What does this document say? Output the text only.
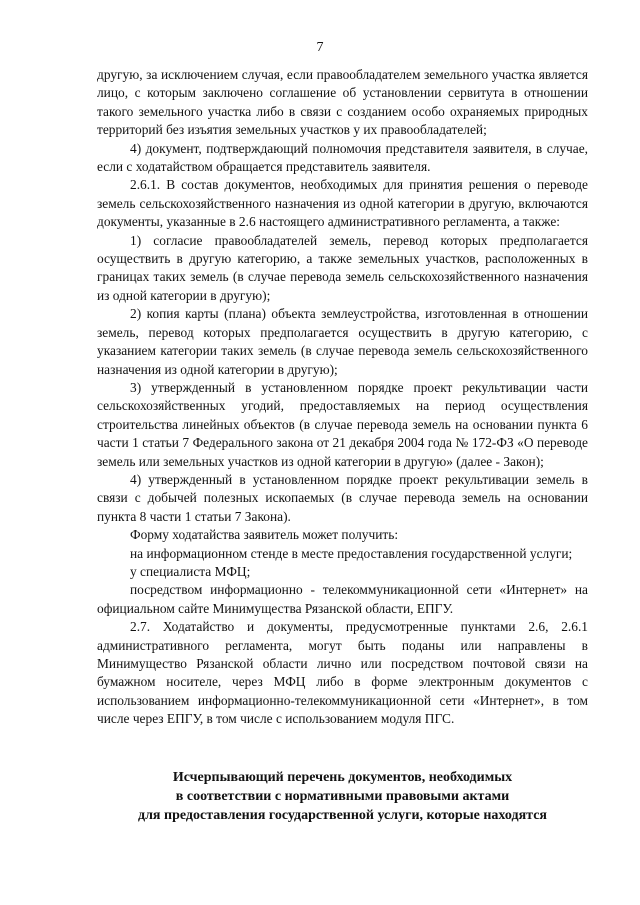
7

другую, за исключением случая, если правообладателем земельного участка является лицо, с которым заключено соглашение об установлении сервитута в отношении такого земельного участка либо в связи с созданием особо охраняемых природных территорий без изъятия земельных участков у их правообладателей;

4) документ, подтверждающий полномочия представителя заявителя, в случае, если с ходатайством обращается представитель заявителя.

2.6.1. В состав документов, необходимых для принятия решения о переводе земель сельскохозяйственного назначения из одной категории в другую, включаются документы, указанные в 2.6 настоящего административного регламента, а также:

1) согласие правообладателей земель, перевод которых предполагается осуществить в другую категорию, а также земельных участков, расположенных в границах таких земель (в случае перевода земель сельскохозяйственного назначения из одной категории в другую);

2) копия карты (плана) объекта землеустройства, изготовленная в отношении земель, перевод которых предполагается осуществить в другую категорию, с указанием категории таких земель (в случае перевода земель сельскохозяйственного назначения из одной категории в другую);

3) утвержденный в установленном порядке проект рекультивации части сельскохозяйственных угодий, предоставляемых на период осуществления строительства линейных объектов (в случае перевода земель на основании пункта 6 части 1 статьи 7 Федерального закона от 21 декабря 2004 года № 172-ФЗ «О переводе земель или земельных участков из одной категории в другую» (далее - Закон);

4) утвержденный в установленном порядке проект рекультивации земель в связи с добычей полезных ископаемых (в случае перевода земель на основании пункта 8 части 1 статьи 7 Закона).

Форму ходатайства заявитель может получить:

на информационном стенде в месте предоставления государственной услуги;

у специалиста МФЦ;

посредством информационно - телекоммуникационной сети «Интернет» на официальном сайте Минимущества Рязанской области, ЕПГУ.

2.7. Ходатайство и документы, предусмотренные пунктами 2.6, 2.6.1 административного регламента, могут быть поданы или направлены в Минимущество Рязанской области лично или посредством почтовой связи на бумажном носителе, через МФЦ либо в форме электронным документов с использованием информационно-телекоммуникационной сети «Интернет», в том числе через ЕПГУ, в том числе с использованием модуля ПГС.

Исчерпывающий перечень документов, необходимых
в соответствии с нормативными правовыми актами
для предоставления государственной услуги, которые находятся
